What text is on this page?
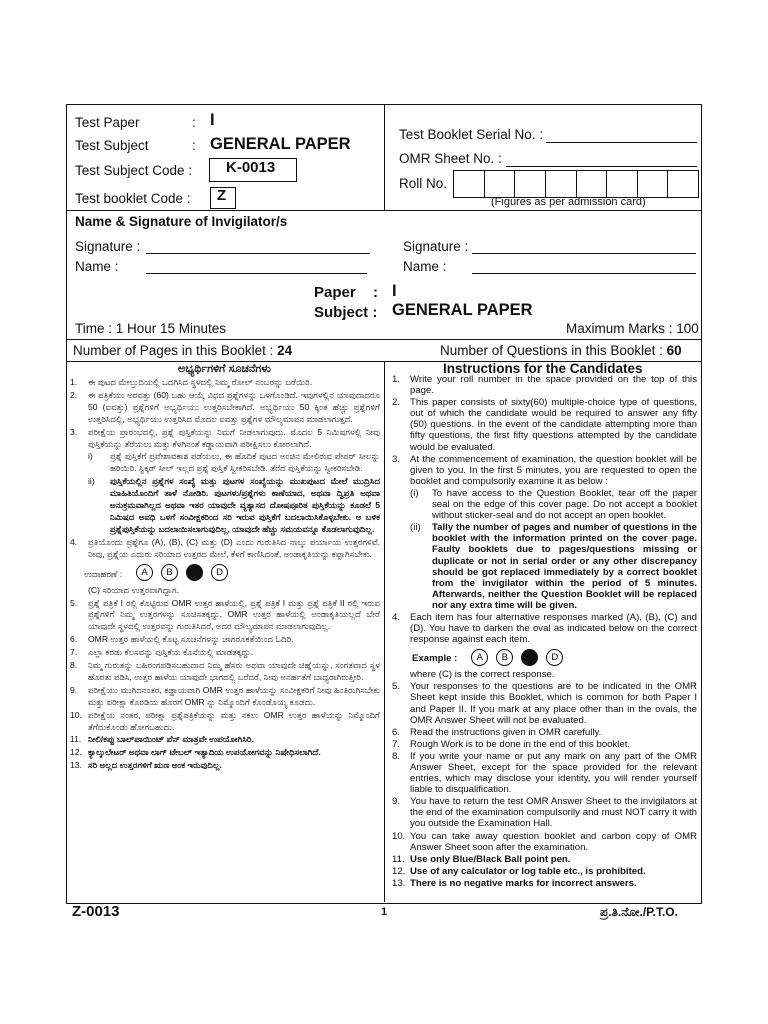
Test Paper	: I
Test Subject	: GENERAL PAPER
Test Subject Code : K-0013
Test booklet Code : Z
Test Booklet Serial No. :
OMR Sheet No. :
Roll No.
(Figures as per admission card)
Name & Signature of Invigilator/s
Signature :
Name :
Signature :
Name :
Paper : I
Subject : GENERAL PAPER
Time : 1 Hour 15 Minutes	Maximum Marks : 100
Number of Pages in this Booklet : 24	Number of Questions in this Booklet : 60
ಅಭ್ಯರ್ಥಿಗಳಿಗೆ ಸೂಚನೆಗಳು
1.	ಈ ಪುಟದ ಮೇಲ್ತುದಿಯಲ್ಲಿ ಒದಗಿಸಿದ ಸ್ಥಳದಲ್ಲಿ ನಿಮ್ಮ ರೋಲ್ ನಂಬರನ್ನು ಬರೆಯಿರಿ.
2.	ಈ ಪತ್ರಿಕೆಯು ಅರವತ್ತು (60) ಬಹು ಆಯ್ಕೆ ವಿಧದ ಪ್ರಶ್ನೆಗಳನ್ನು ಒಳಗೊಂಡಿದೆ. ಇವುಗಳಲ್ಲಿನ ಯಾವುದಾದರೂ 50 (ಐವತ್ತು) ಪ್ರಶ್ನೆಗಳಿಗೆ ಅಭ್ಯರ್ಥಿಯು ಉತ್ತರಿಸಬೇಕಾಗಿದೆ. ಅಭ್ಯರ್ಥಿಯು 50 ಕ್ಕಿಂತ ಹೆಚ್ಚು ಪ್ರಶ್ನೆಗಳಿಗೆ ಉತ್ತರಿಸಿದಲ್ಲಿ, ಅಭ್ಯರ್ಥಿಯು ಉತ್ತರಿಸಿದ ಮೊದಲ ಐವತ್ತು ಪ್ರಶ್ನೆಗಳ ಮೌಲ್ಯಮಾಪನ ಮಾಡಲಾಗುತ್ತದೆ.
3.	ಪರೀಕ್ಷೆಯ ಪ್ರಾರಂಭದಲ್ಲಿ, ಪ್ರಶ್ನೆ ಪುಸ್ತಿಕೆಯನ್ನು ನಿಮಗೆ ನೀಡಲಾಗುವುದು. ಮೊದಲ 5 ನಿಮಿಷಗಳಲ್ಲಿ ನೀವು ಪುಸ್ತಿಕೆಯನ್ನು ತೆರೆಯಲು ಮತ್ತು ಕೆಳಗಿನಂತೆ ಕಡ್ಡಾಯವಾಗಿ ಪರೀಕ್ಷಿಸಲು ಕೋರಲಾಗಿದೆ.
i)	ಪ್ರಶ್ನೆ ಪುಸ್ತಿಕೆಗೆ ಪ್ರವೇಶಾವಕಾಶ ಪಡೆಯಲು, ಈ ಹೊದಿಕೆ ಪುಟದ ಅಂಚಿನ ಮೇಲಿರುವ ಪೇಪರ್ ಸೀಲನ್ನು ಹರಿಯಿರಿ. ಸ್ಟಿಕ್ಕರ್ ಸೀಲ್ ಇಲ್ಲದ ಪ್ರಶ್ನೆ ಪುಸ್ತಿಕೆ ಸ್ವೀಕರಿಸಬೇಡಿ. ತೆರೆದ ಪುಸ್ತಿಕೆಯನ್ನು ಸ್ವೀಕರಿಸಬೇಡಿ.
ii)	ಪುಸ್ತಿಕೆಯಲ್ಲಿನ ಪ್ರಶ್ನೆಗಳ ಸಂಖ್ಯೆ ಮತ್ತು ಪುಟಗಳ ಸಂಖ್ಯೆಯನ್ನು ಮುಖಪುಟದ ಮೇಲೆ ಮುದ್ರಿಸಿದ ಮಾಹಿತಿಯೊಂದಿಗೆ ತಾಳೆ ನೋಡಿರಿ. ಪುಟಗಳು/ಪ್ರಶ್ನೆಗಳು ಕಾಣೆಯಾದ, ಅಥವಾ ದ್ವಿಪ್ರತಿ ಅಥವಾ ಅನುಕ್ರಮವಾಗಿಲ್ಲದ ಅಥವಾ ಇತರ ಯಾವುದೇ ವ್ಯತ್ಯಾಸದ ದೋಷಪೂರಿತ ಪುಸ್ತಿಕೆಯನ್ನು ಕೂಡಲೆ 5 ನಿಮಿಷದ ಅವಧಿ ಒಳಗೆ ಸಂವೀಕ್ಷಕರಿಂದ ಸರಿ ಇರುವ ಪುಸ್ತಿಕೆಗೆ ಬದಲಾಯಿಸಿಕೊಳ್ಳಬೇಕು. ಆ ಬಳಿಕ ಪ್ರಶ್ನೆಪುಸ್ತಿಕೆಯನ್ನು ಬದಲಾಯಿಸಲಾಗುವುದಿಲ್ಲ, ಯಾವುದೇ ಹೆಚ್ಚು ಸಮಯವನ್ನೂ ಕೊಡಲಾಗುವುದಿಲ್ಲ.
4.	ಪ್ರತಿಯೊಂದು ಪ್ರಶ್ನೆಗೂ (A), (B), (C) ಮತ್ತು (D) ಎಂದು ಗುರುತಿಸಿದ ನಾಲ್ಕು ಪರ್ಯಾಯ ಉತ್ತರಗಳಿವೆ. ನೀವು, ಪ್ರಶ್ನೆಯ ಎದುರು ಸರಿಯಾದ ಉತ್ತರದ ಮೇಲೆ, ಕೆಳಗೆ ಕಾಣಿಸಿದಂತೆ, ಅಂಡಾಕೃತಿಯನ್ನು ಕಪ್ಪಾಗಿಸಬೇಕು.
ಉದಾಹರಣೆ : A B C D
(C) ಸರಿಯಾದ ಉತ್ತರವಾಗಿದ್ದಾಗ.
5.	ಪ್ರಶ್ನೆ ಪತ್ರಿಕೆ I ರಲ್ಲಿ ಕೊಟ್ಟಿರುವ OMR ಉತ್ತರ ಹಾಳೆಯಲ್ಲಿ, ಪ್ರಶ್ನೆ ಪತ್ರಿಕೆ I ಮತ್ತು ಪ್ರಶ್ನೆ ಪತ್ರಿಕೆ II ರಲ್ಲಿ ಇರುವ ಪ್ರಶ್ನೆಗಳಿಗೆ ನಿಮ್ಮ ಉತ್ತರಗಳನ್ನು ಸೂಚಿಸತಕ್ಕದ್ದು. OMR ಉತ್ತರ ಹಾಳೆಯಲ್ಲಿ ಅಂಡಾಕೃತಿಯಲ್ಲದೆ ಬೇರೆ ಯಾವುದೇ ಸ್ಥಳದಲ್ಲಿ ಉತ್ತರವನ್ನು ಗುರುತಿಸಿದರೆ, ಅದರ ಮೌಲ್ಯಮಾಪನ ಮಾಡಲಾಗುವುದಿಲ್ಲ.
6.	OMR ಉತ್ತರ ಹಾಳೆಯಲ್ಲಿ ಕೊಟ್ಟ ಸೂಚನೆಗಳನ್ನು ಜಾಗರೂಕತೆಯಿಂದ ಓದಿರಿ.
7.	ಎಲ್ಲಾ ಕರಡು ಕೆಲಸವನ್ನು ಪುಸ್ತಿಕೆಯ ಕೊನೆಯಲ್ಲಿ ಮಾಡತಕ್ಕದ್ದು.
8.	ನಿಮ್ಮ ಗುರುತನ್ನು ಬಹಿರಂಗಪಡಿಸಬಹುದಾದ ನಿಮ್ಮ ಹೆಸರು ಅಥವಾ ಯಾವುದೇ ಚಿಹ್ನೆಯನ್ನು, ಸಂಗತವಾದ ಸ್ಥಳ ಹೊರತು ಪಡಿಸಿ, ಉತ್ತರ ಹಾಳೆಯ ಯಾವುದೇ ಭಾಗದಲ್ಲಿ ಬರೆದರೆ, ನೀವು ಅನರ್ಹತೆಗೆ ಬಾಧ್ಯರಾಗಿರುತ್ತೀರಿ.
9.	ಪರೀಕ್ಷೆಯು ಮುಗಿದನಂತರ, ಕಡ್ಡಾಯವಾಗಿ OMR ಉತ್ತರ ಹಾಳೆಯನ್ನು ಸಂವೀಕ್ಷಕರಿಗೆ ನೀವು ಹಿಂತಿರುಗಿಸಬೇಕು ಮತ್ತು ಪರೀಕ್ಷಾ ಕೊಠಡಿಯ ಹೊರಗೆ OMR ನ್ನು ನಿಮ್ಮೊಂದಿಗೆ ಕೊಂಡೊಯ್ಯ ಕೂಡದು.
10. ಪರೀಕ್ಷೆಯ ನಂತರ, ಪರೀಕ್ಷಾ ಪ್ರಶ್ನೆಪತ್ರಿಕೆಯನ್ನು ಮತ್ತು ನಕಲು OMR ಉತ್ತರ ಹಾಳೆಯನ್ನು ನಿಮ್ಮೊಂದಿಗೆ ತೆಗೆದುಕೊಂಡು ಹೋಗಬಹುದು.
11. ನೀಲಿ/ಕಪ್ಪು ಬಾಲ್‌ಪಾಯಿಂಟ್ ಪೆನ್ ಮಾತ್ರವೇ ಉಪಯೋಗಿಸಿರಿ.
12. ಕ್ಯಾಲ್ಕುಲೇಟರ್ ಅಥವಾ ಲಾಗ್ ಟೇಬಲ್ ಇತ್ಯಾದಿಯ ಉಪಯೋಗವನ್ನು ನಿಷೇಧಿಸಲಾಗಿದೆ.
13. ಸರಿ ಅಲ್ಲದ ಉತ್ತರಗಳಿಗೆ ಋಣ ಅಂಕ ಇರುವುದಿಲ್ಲ.
Instructions for the Candidates
1.	Write your roll number in the space provided on the top of this page.
2.	This paper consists of sixty(60) multiple-choice type of questions, out of which the candidate would be required to answer any fifty (50) questions. In the event of the candidate attempting more than fifty questions, the first fifty questions attempted by the candidate would be evaluated.
3.	At the commencement of examination, the question booklet will be given to you. In the first 5 minutes, you are requested to open the booklet and compulsorily examine it as below :
(i)	To have access to the Question Booklet, tear off the paper seal on the edge of this cover page. Do not accept a booklet without sticker-seal and do not accept an open booklet.
(ii)	Tally the number of pages and number of questions in the booklet with the information printed on the cover page. Faulty booklets due to pages/questions missing or duplicate or not in serial order or any other discrepancy should be got replaced immediately by a correct booklet from the invigilator within the period of 5 minutes. Afterwards, neither the Question Booklet will be replaced nor any extra time will be given.
4.	Each item has four alternative responses marked (A), (B), (C) and (D). You have to darken the oval as indicated below on the correct response against each item.
Example : A B C D
where (C) is the correct response.
5.	Your responses to the questions are to be indicated in the OMR Sheet kept inside this Booklet, which is common for both Paper I and Paper II. If you mark at any place other than in the ovals, the OMR Answer Sheet will not be evaluated.
6.	Read the instructions given in OMR carefully.
7.	Rough Work is to be done in the end of this booklet.
8.	If you write your name or put any mark on any part of the OMR Answer Sheet, except for the space provided for the relevant entries, which may disclose your identity, you will render yourself liable to disqualification.
9.	You have to return the test OMR Answer Sheet to the invigilators at the end of the examination compulsorily and must NOT carry it with you outside the Examination Hall.
10. You can take away question booklet and carbon copy of OMR Answer Sheet soon after the examination.
11. Use only Blue/Black Ball point pen.
12. Use of any calculator or log table etc., is prohibited.
13. There is no negative marks for incorrect answers.
Z-0013	1	ಪ್ರ.ತಿ.ನೋ./P.T.O.
